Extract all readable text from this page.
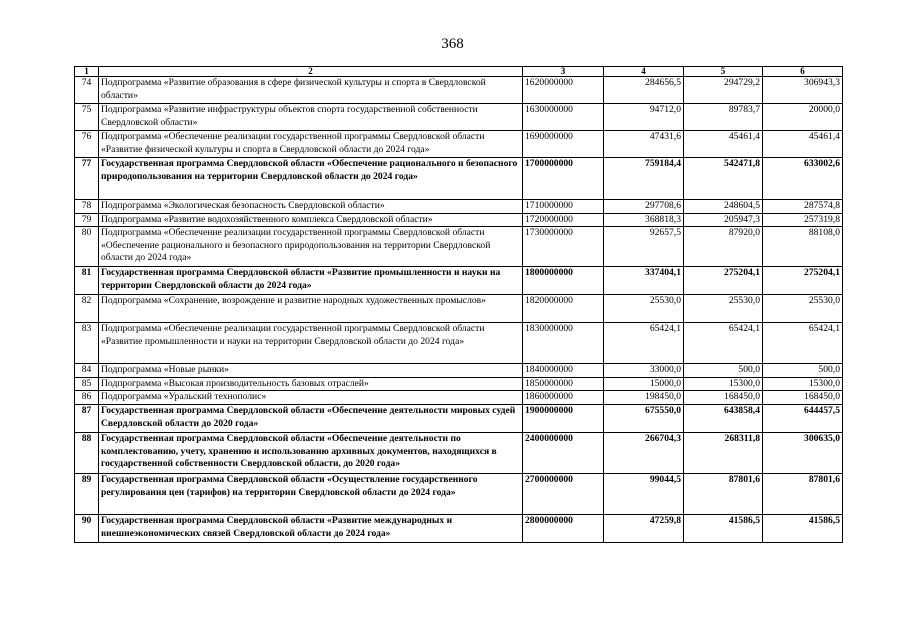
368
1	2	3	4	5	6
74	Подпрограмма «Развитие образования в сфере физической культуры и спорта в Свердловской области»	1620000000	284656,5	294729,2	306943,3
75	Подпрограмма «Развитие инфраструктуры объектов спорта государственной собственности Свердловской области»	1630000000	94712,0	89783,7	20000,0
76	Подпрограмма «Обеспечение реализации государственной программы Свердловской области «Развитие физической культуры и спорта в Свердловской области до 2024 года»	1690000000	47431,6	45461,4	45461,4
77	Государственная программа Свердловской области «Обеспечение рационального и безопасного природопользования на территории Свердловской области до 2024 года»	1700000000	759184,4	542471,8	633002,6
78	Подпрограмма «Экологическая безопасность Свердловской области»	1710000000	297708,6	248604,5	287574,8
79	Подпрограмма «Развитие водохозяйственного комплекса Свердловской области»	1720000000	368818,3	205947,3	257319,8
80	Подпрограмма «Обеспечение реализации государственной программы Свердловской области «Обеспечение рационального и безопасного природопользования на территории Свердловской области до 2024 года»	1730000000	92657,5	87920,0	88108,0
81	Государственная программа Свердловской области «Развитие промышленности и науки на территории Свердловской области до 2024 года»	1800000000	337404,1	275204,1	275204,1
82	Подпрограмма «Сохранение, возрождение и развитие народных художественных промыслов»	1820000000	25530,0	25530,0	25530,0
83	Подпрограмма «Обеспечение реализации государственной программы Свердловской области «Развитие промышленности и науки на территории Свердловской области до 2024 года»	1830000000	65424,1	65424,1	65424,1
84	Подпрограмма «Новые рынки»	1840000000	33000,0	500,0	500,0
85	Подпрограмма «Высокая производительность базовых отраслей»	1850000000	15000,0	15300,0	15300,0
86	Подпрограмма «Уральский технополис»	1860000000	198450,0	168450,0	168450,0
87	Государственная программа Свердловской области «Обеспечение деятельности мировых судей Свердловской области до 2020 года»	1900000000	675550,0	643858,4	644457,5
88	Государственная программа Свердловской области «Обеспечение деятельности по комплектованию, учету, хранению и использованию архивных документов, находящихся в государственной собственности Свердловской области, до 2020 года»	2400000000	266704,3	268311,8	300635,0
89	Государственная программа Свердловской области «Осуществление государственного регулирования цен (тарифов) на территории Свердловской области до 2024 года»	2700000000	99044,5	87801,6	87801,6
90	Государственная программа Свердловской области «Развитие международных и внешнеэкономических связей Свердловской области до 2024 года»	2800000000	47259,8	41586,5	41586,5
